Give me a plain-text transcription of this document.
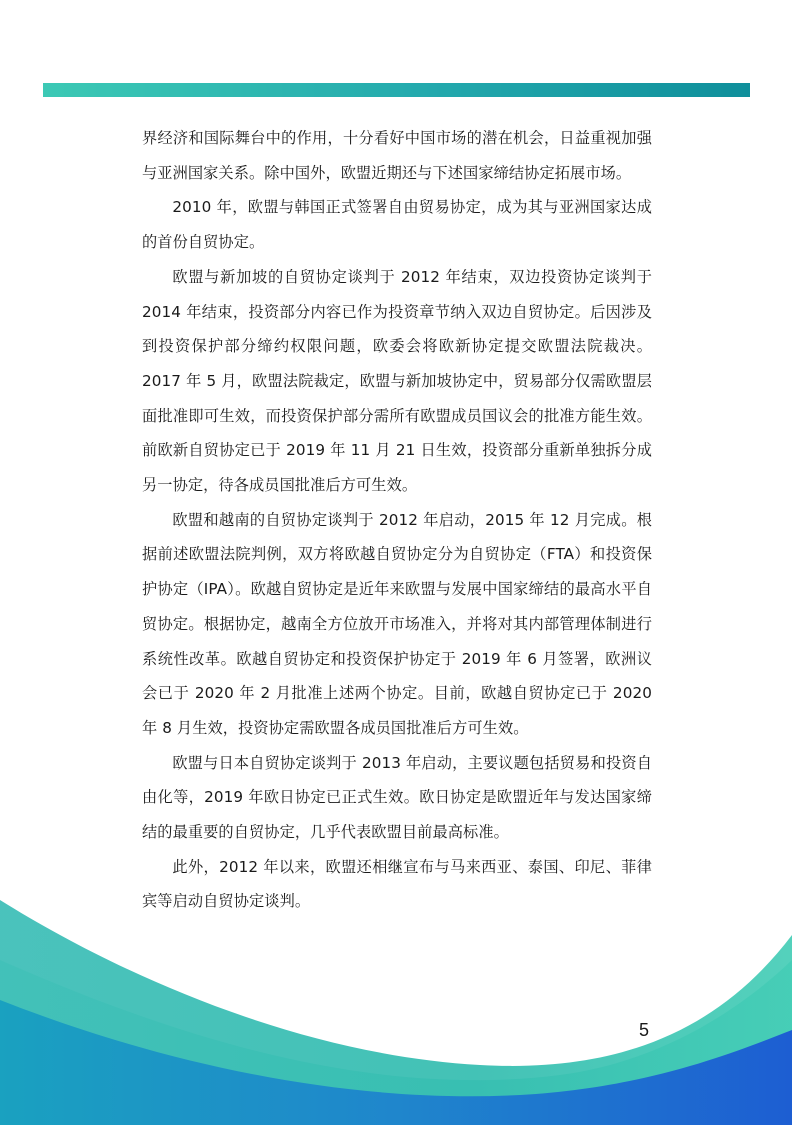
界经济和国际舞台中的作用，十分看好中国市场的潜在机会，日益重视加强与亚洲国家关系。除中国外，欧盟近期还与下述国家缔结协定拓展市场。

2010 年，欧盟与韩国正式签署自由贸易协定，成为其与亚洲国家达成的首份自贸协定。

欧盟与新加坡的自贸协定谈判于 2012 年结束，双边投资协定谈判于 2014 年结束，投资部分内容已作为投资章节纳入双边自贸协定。后因涉及到投资保护部分缔约权限问题，欧委会将欧新协定提交欧盟法院裁决。2017 年 5 月，欧盟法院裁定，欧盟与新加坡协定中，贸易部分仅需欧盟层面批准即可生效，而投资保护部分需所有欧盟成员国议会的批准方能生效。前欧新自贸协定已于 2019 年 11 月 21 日生效，投资部分重新单独拆分成另一协定，待各成员国批准后方可生效。

欧盟和越南的自贸协定谈判于 2012 年启动，2015 年 12 月完成。根据前述欧盟法院判例，双方将欧越自贸协定分为自贸协定（FTA）和投资保护协定（IPA）。欧越自贸协定是近年来欧盟与发展中国家缔结的最高水平自贸协定。根据协定，越南全方位放开市场准入，并将对其内部管理体制进行系统性改革。欧越自贸协定和投资保护协定于 2019 年 6 月签署，欧洲议会已于 2020 年 2 月批准上述两个协定。目前，欧越自贸协定已于 2020 年 8 月生效，投资协定需欧盟各成员国批准后方可生效。

欧盟与日本自贸协定谈判于 2013 年启动，主要议题包括贸易和投资自由化等，2019 年欧日协定已正式生效。欧日协定是欧盟近年与发达国家缔结的最重要的自贸协定，几乎代表欧盟目前最高标准。

此外，2012 年以来，欧盟还相继宣布与马来西亚、泰国、印尼、菲律宾等启动自贸协定谈判。

5
